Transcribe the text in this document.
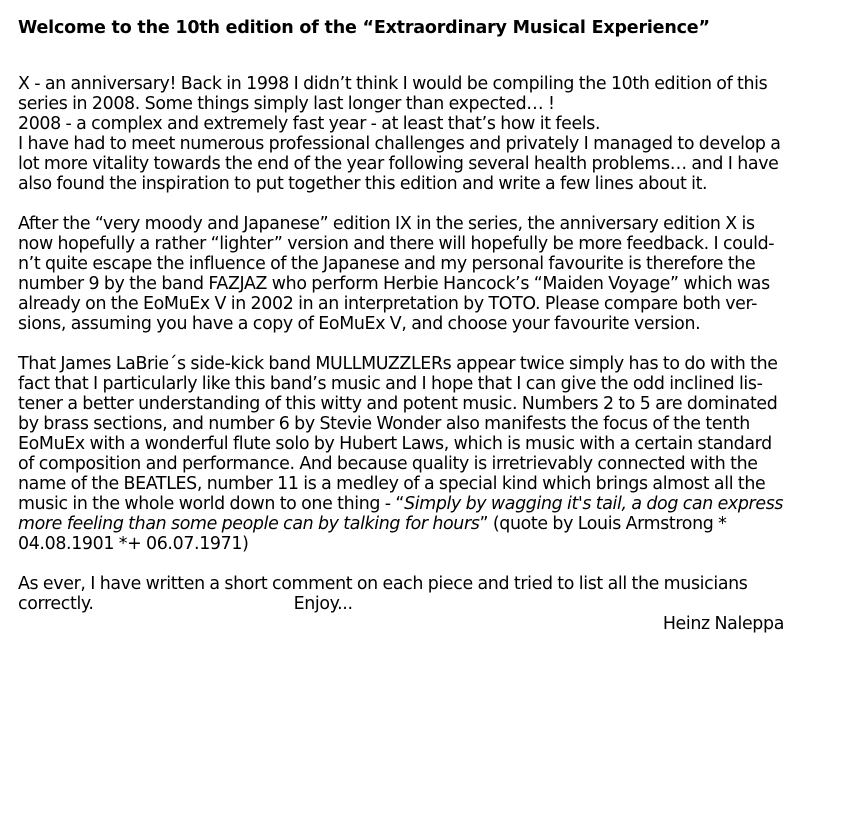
Welcome to the 10th edition of the “Extraordinary Musical Experience”

X - an anniversary! Back in 1998 I didn’t think I would be compiling the 10th edition of this
series in 2008. Some things simply last longer than expected… !
2008 - a complex and extremely fast year - at least that’s how it feels.
I have had to meet numerous professional challenges and privately I managed to develop a
lot more vitality towards the end of the year following several health problems… and I have
also found the inspiration to put together this edition and write a few lines about it.

After the “very moody and Japanese” edition IX in the series, the anniversary edition X is
now hopefully a rather “lighter” version and there will hopefully be more feedback. I could-
n’t quite escape the influence of the Japanese and my personal favourite is therefore the
number 9 by the band FAZJAZ who perform Herbie Hancock’s “Maiden Voyage” which was
already on the EoMuEx V in 2002 in an interpretation by TOTO. Please compare both ver-
sions, assuming you have a copy of EoMuEx V, and choose your favourite version.

That James LaBrie´s side-kick band MULLMUZZLERs appear twice simply has to do with the
fact that I particularly like this band’s music and I hope that I can give the odd inclined lis-
tener a better understanding of this witty and potent music. Numbers 2 to 5 are dominated
by brass sections, and number 6 by Stevie Wonder also manifests the focus of the tenth
EoMuEx with a wonderful flute solo by Hubert Laws, which is music with a certain standard
of composition and performance. And because quality is irretrievably connected with the
name of the BEATLES, number 11 is a medley of a special kind which brings almost all the
music in the whole world down to one thing - “Simply by wagging it's tail, a dog can express
more feeling than some people can by talking for hours” (quote by Louis Armstrong *
04.08.1901 *+ 06.07.1971)

As ever, I have written a short comment on each piece and tried to list all the musicians
correctly.	Enjoy...
Heinz Naleppa
